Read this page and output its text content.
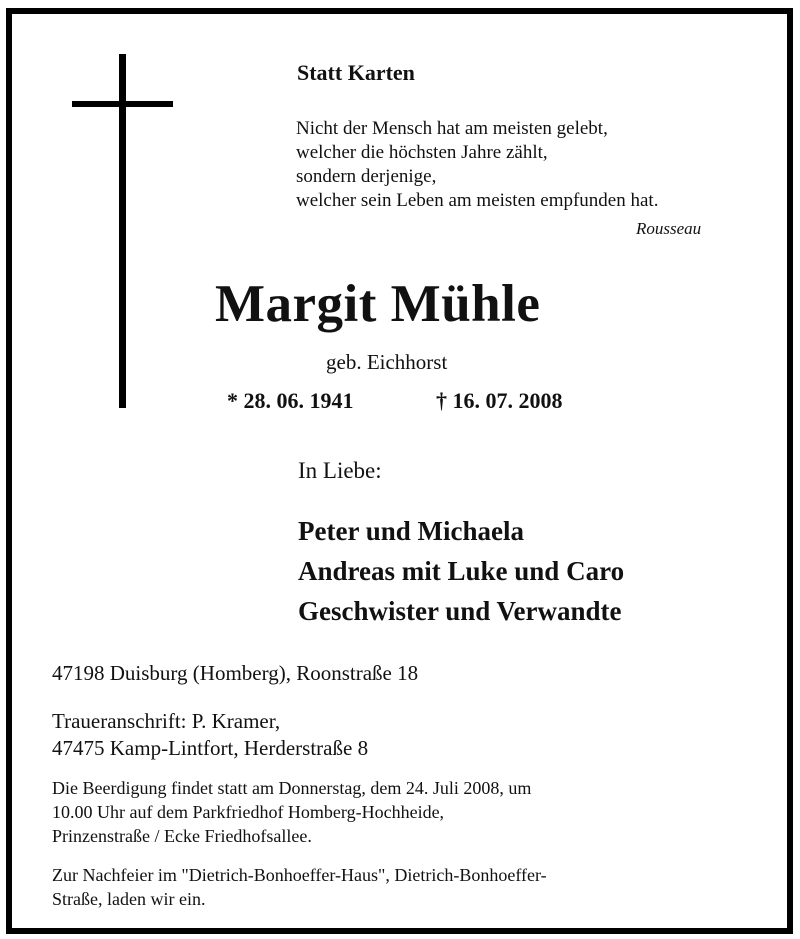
Statt Karten
Nicht der Mensch hat am meisten gelebt,
welcher die höchsten Jahre zählt,
sondern derjenige,
welcher sein Leben am meisten empfunden hat.
Rousseau
Margit Mühle
geb. Eichhorst
* 28. 06. 1941	† 16. 07. 2008
In Liebe:
Peter und Michaela
Andreas mit Luke und Caro
Geschwister und Verwandte
47198 Duisburg (Homberg), Roonstraße 18
Traueranschrift: P. Kramer,
47475 Kamp-Lintfort, Herderstraße 8
Die Beerdigung findet statt am Donnerstag, dem 24. Juli 2008, um
10.00 Uhr auf dem Parkfriedhof Homberg-Hochheide,
Prinzenstraße / Ecke Friedhofsallee.
Zur Nachfeier im "Dietrich-Bonhoeffer-Haus", Dietrich-Bonhoeffer-
Straße, laden wir ein.
